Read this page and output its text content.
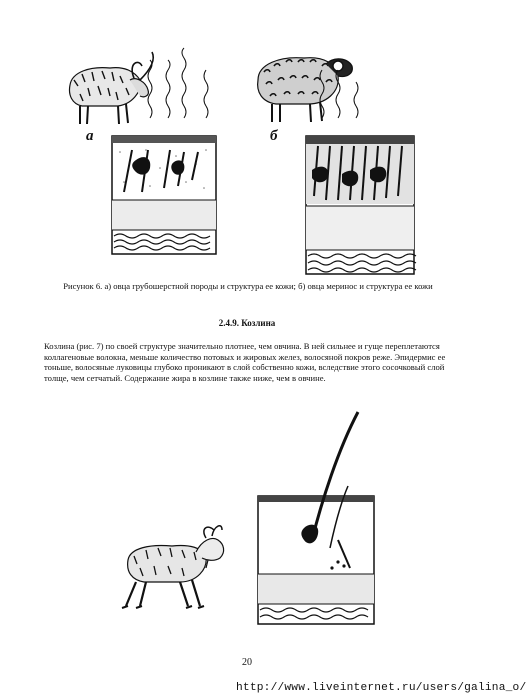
а	б
Рисунок 6. а) овца грубошерстной породы и структура ее кожи; б) овца мериноc и структура ее кожи
2.4.9. Козлина
Козлина (рис. 7) по своей структуре значительно плотнее, чем овчина. В ней сильнее и гуще переплетаются коллагеновые волокна, меньше количество потовых и жировых желез, волосяной покров реже. Эпидермис ее тоньше, волосяные луковицы глубоко проникают в слой собственно кожи, вследствие этого сосочковый слой толще, чем сетчатый. Содержание жира в козлине также ниже, чем в овчине.
20
http://www.liveinternet.ru/users/galina_o/
